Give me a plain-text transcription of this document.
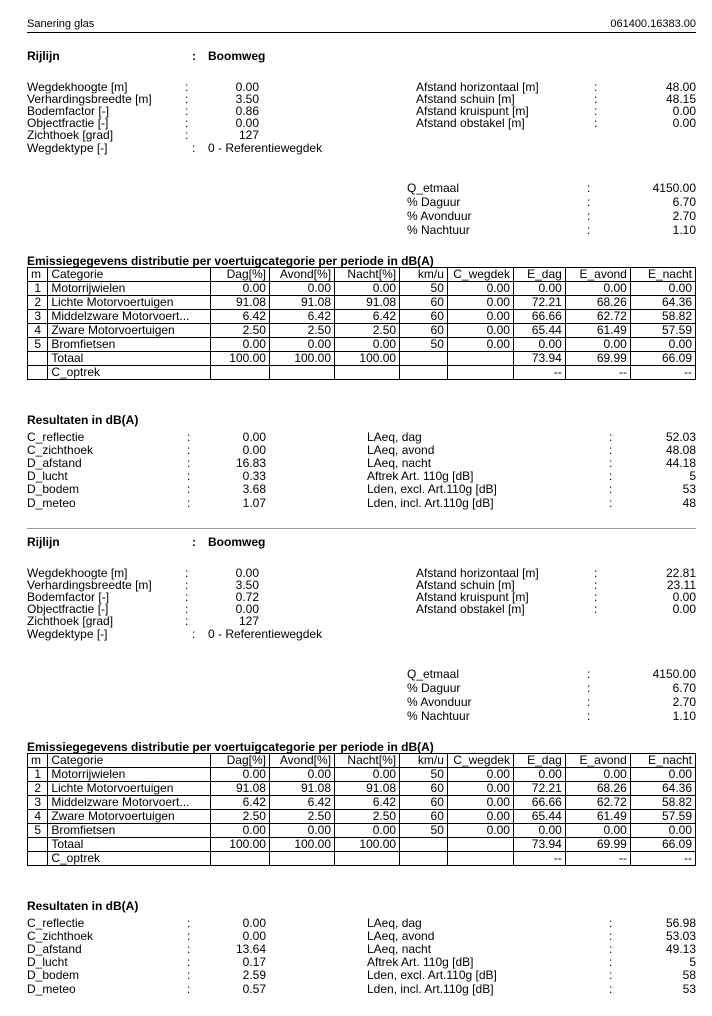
Sanering glas	061400.16383.00
Rijlijn	: Boomweg
Wegdekhoogte [m]	:	0.00
Verhardingsbreedte [m]	:	3.50
Bodemfactor [-]	:	0.86
Objectfractie [-]	:	0.00
Zichthoek [grad]	:	127
Wegdektype [-]	: 0 - Referentiewegdek
Afstand horizontaal [m]	:	48.00
Afstand schuin [m]	:	48.15
Afstand kruispunt [m]	:	0.00
Afstand obstakel [m]	:	0.00
Q_etmaal	:	4150.00
% Daguur	:	6.70
% Avonduur	:	2.70
% Nachtuur	:	1.10
Emissiegegevens distributie per voertuigcategorie per periode in dB(A)
m	Categorie	Dag[%]	Avond[%]	Nacht[%]	km/u	C_wegdek	E_dag	E_avond	E_nacht
1	Motorrijwielen	0.00	0.00	0.00	50	0.00	0.00	0.00	0.00
2	Lichte Motorvoertuigen	91.08	91.08	91.08	60	0.00	72.21	68.26	64.36
3	Middelzware Motorvoert...	6.42	6.42	6.42	60	0.00	66.66	62.72	58.82
4	Zware Motorvoertuigen	2.50	2.50	2.50	60	0.00	65.44	61.49	57.59
5	Bromfietsen	0.00	0.00	0.00	50	0.00	0.00	0.00	0.00
	Totaal	100.00	100.00	100.00			73.94	69.99	66.09
	C_optrek						--	--	--
Resultaten in dB(A)
C_reflectie	:	0.00	LAeq, dag	:	52.03
C_zichthoek	:	0.00	LAeq, avond	:	48.08
D_afstand	:	16.83	LAeq, nacht	:	44.18
D_lucht	:	0.33	Aftrek Art. 110g [dB]	:	5
D_bodem	:	3.68	Lden, excl. Art.110g [dB]	:	53
D_meteo	:	1.07	Lden, incl. Art.110g [dB]	:	48
Rijlijn	: Boomweg
Wegdekhoogte [m]	:	0.00
Verhardingsbreedte [m]	:	3.50
Bodemfactor [-]	:	0.72
Objectfractie [-]	:	0.00
Zichthoek [grad]	:	127
Wegdektype [-]	: 0 - Referentiewegdek
Afstand horizontaal [m]	:	22.81
Afstand schuin [m]	:	23.11
Afstand kruispunt [m]	:	0.00
Afstand obstakel [m]	:	0.00
Q_etmaal	:	4150.00
% Daguur	:	6.70
% Avonduur	:	2.70
% Nachtuur	:	1.10
Emissiegegevens distributie per voertuigcategorie per periode in dB(A)
m	Categorie	Dag[%]	Avond[%]	Nacht[%]	km/u	C_wegdek	E_dag	E_avond	E_nacht
1	Motorrijwielen	0.00	0.00	0.00	50	0.00	0.00	0.00	0.00
2	Lichte Motorvoertuigen	91.08	91.08	91.08	60	0.00	72.21	68.26	64.36
3	Middelzware Motorvoert...	6.42	6.42	6.42	60	0.00	66.66	62.72	58.82
4	Zware Motorvoertuigen	2.50	2.50	2.50	60	0.00	65.44	61.49	57.59
5	Bromfietsen	0.00	0.00	0.00	50	0.00	0.00	0.00	0.00
	Totaal	100.00	100.00	100.00			73.94	69.99	66.09
	C_optrek						--	--	--
Resultaten in dB(A)
C_reflectie	:	0.00	LAeq, dag	:	56.98
C_zichthoek	:	0.00	LAeq, avond	:	53.03
D_afstand	:	13.64	LAeq, nacht	:	49.13
D_lucht	:	0.17	Aftrek Art. 110g [dB]	:	5
D_bodem	:	2.59	Lden, excl. Art.110g [dB]	:	58
D_meteo	:	0.57	Lden, incl. Art.110g [dB]	:	53
